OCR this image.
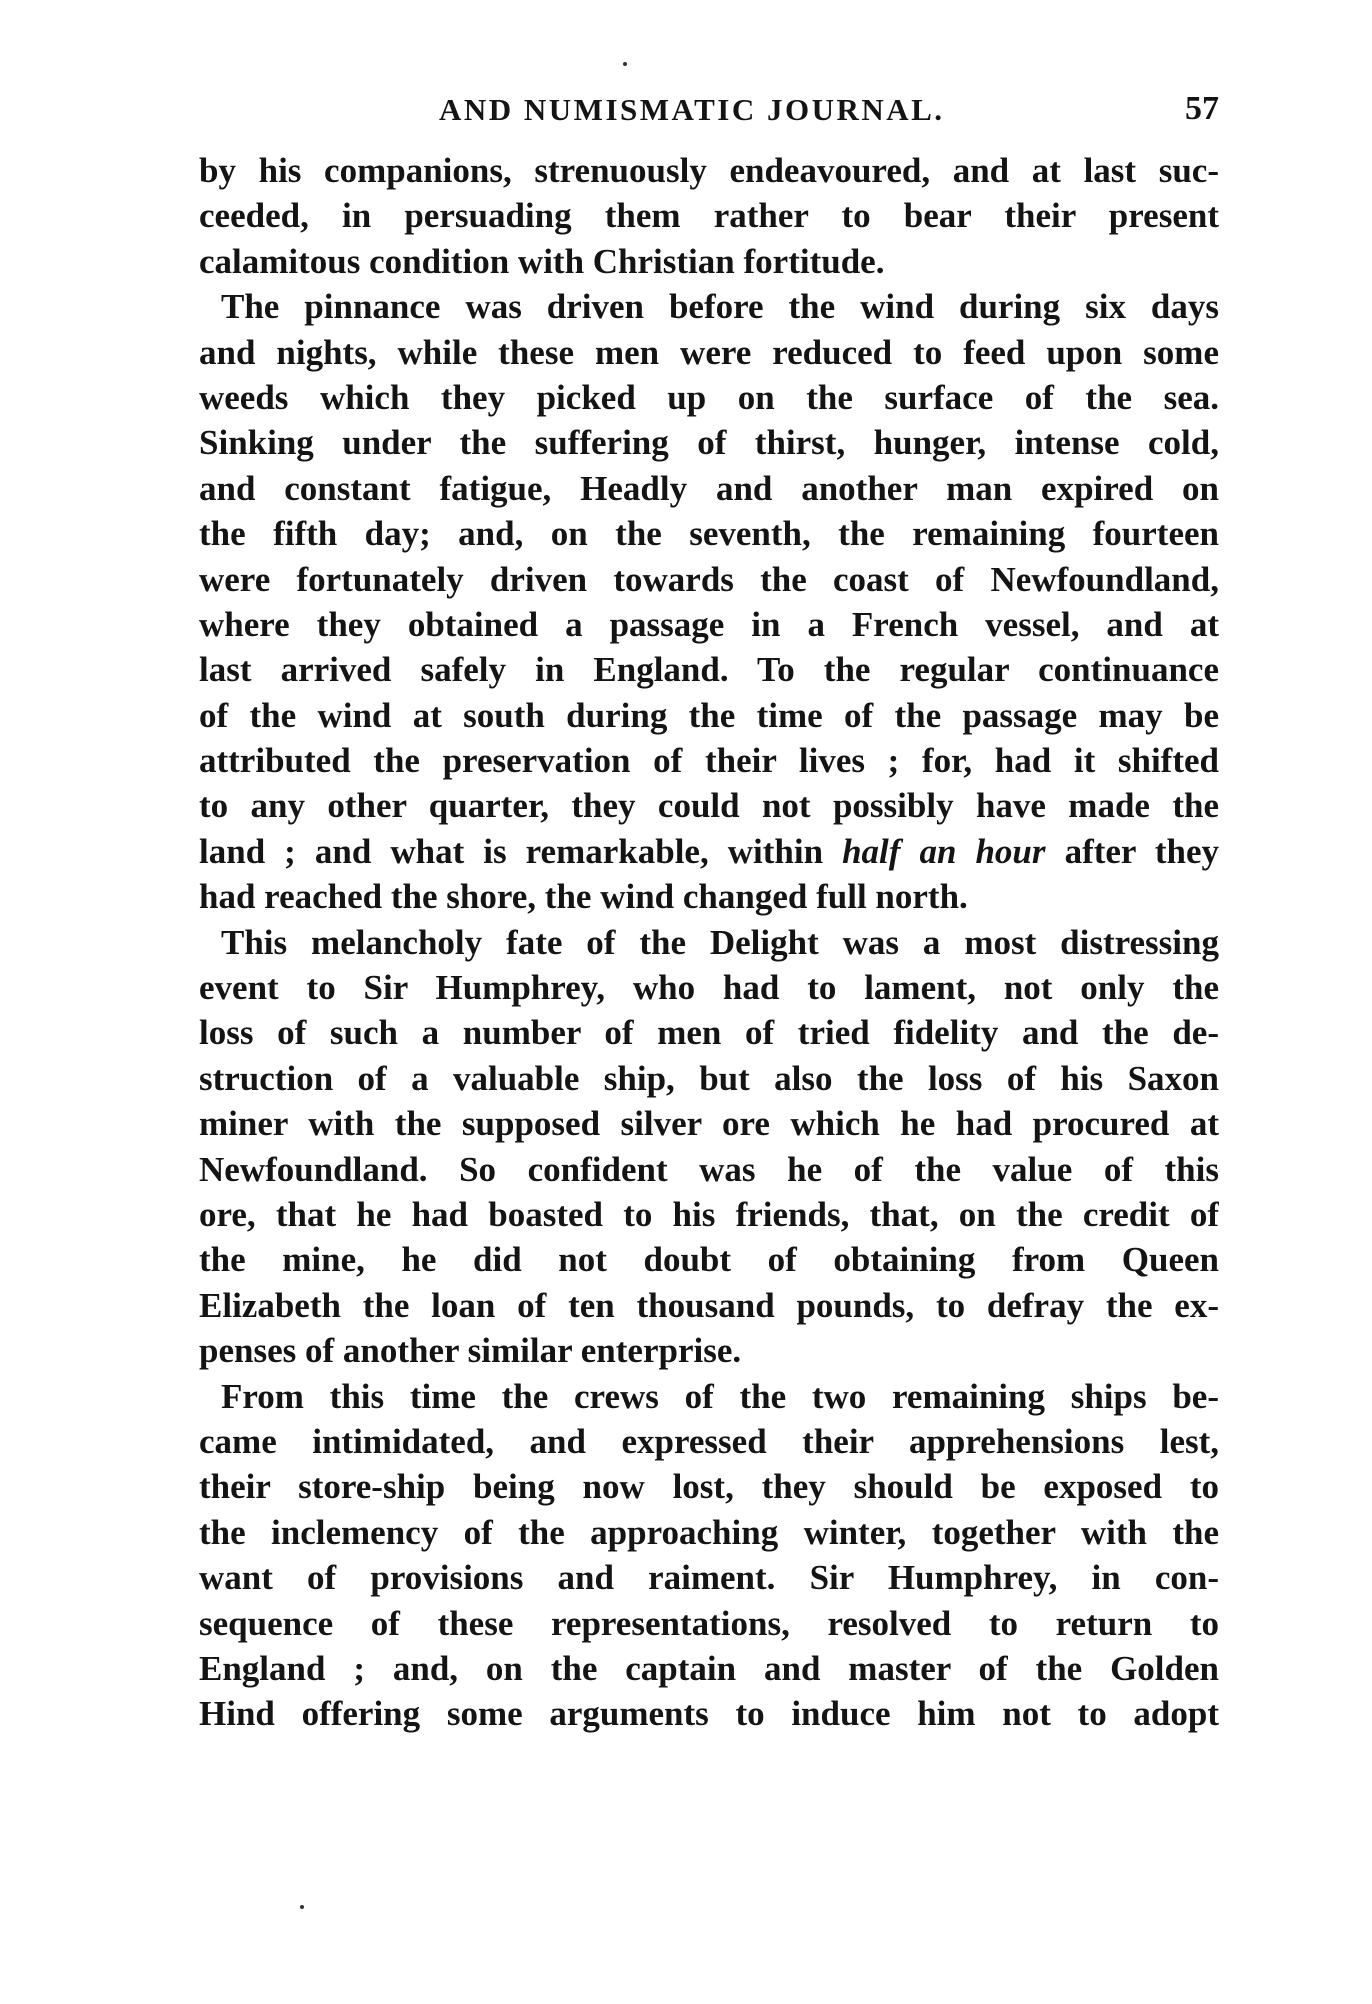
AND NUMISMATIC JOURNAL.	57
by his companions, strenuously endeavoured, and at last suc-
ceeded, in persuading them rather to bear their present
calamitous condition with Christian fortitude.
The pinnance was driven before the wind during six days
and nights, while these men were reduced to feed upon some
weeds which they picked up on the surface of the sea.
Sinking under the suffering of thirst, hunger, intense cold,
and constant fatigue, Headly and another man expired on
the fifth day; and, on the seventh, the remaining fourteen
were fortunately driven towards the coast of Newfoundland,
where they obtained a passage in a French vessel, and at
last arrived safely in England. To the regular continuance
of the wind at south during the time of the passage may be
attributed the preservation of their lives ; for, had it shifted
to any other quarter, they could not possibly have made the
land ; and what is remarkable, within half an hour after they
had reached the shore, the wind changed full north.
This melancholy fate of the Delight was a most distressing
event to Sir Humphrey, who had to lament, not only the
loss of such a number of men of tried fidelity and the de-
struction of a valuable ship, but also the loss of his Saxon
miner with the supposed silver ore which he had procured at
Newfoundland. So confident was he of the value of this
ore, that he had boasted to his friends, that, on the credit of
the mine, he did not doubt of obtaining from Queen
Elizabeth the loan of ten thousand pounds, to defray the ex-
penses of another similar enterprise.
From this time the crews of the two remaining ships be-
came intimidated, and expressed their apprehensions lest,
their store-ship being now lost, they should be exposed to
the inclemency of the approaching winter, together with the
want of provisions and raiment. Sir Humphrey, in con-
sequence of these representations, resolved to return to
England ; and, on the captain and master of the Golden
Hind offering some arguments to induce him not to adopt
